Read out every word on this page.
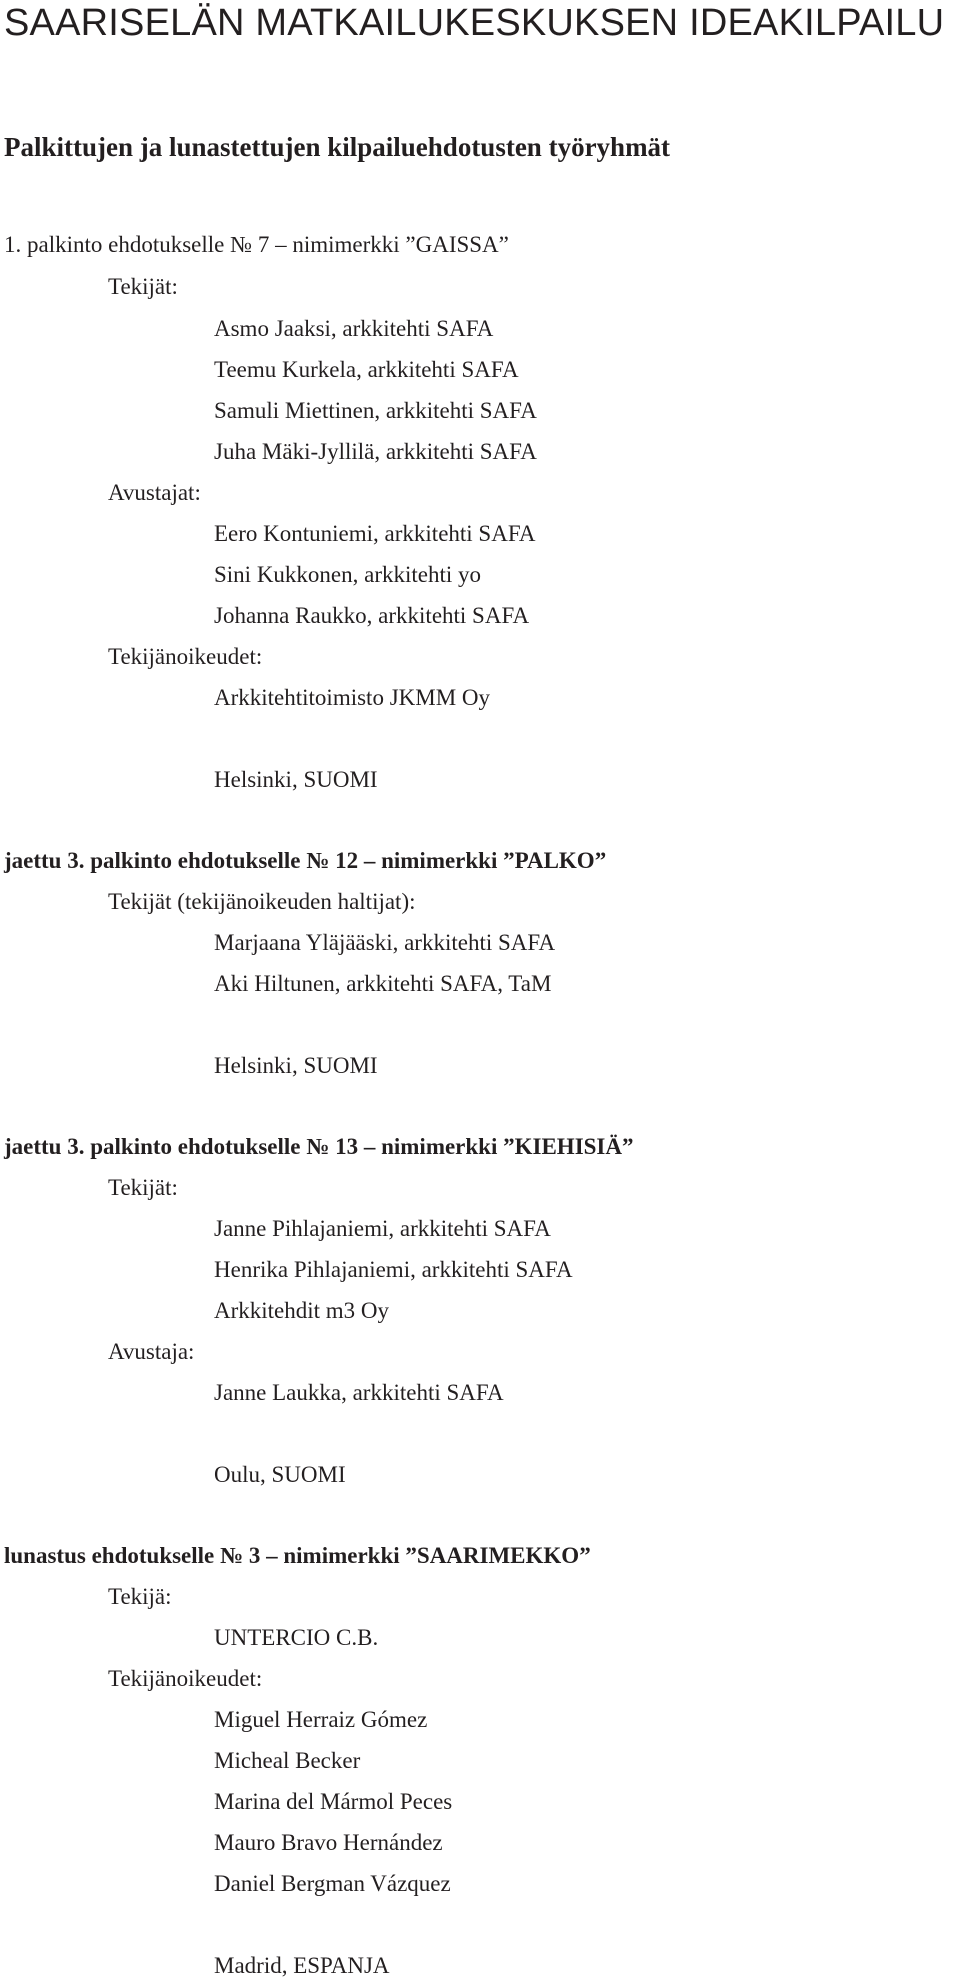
SAARISELÄN MATKAILUKESKUKSEN IDEAKILPAILU
Palkittujen ja lunastettujen kilpailuehdotusten työryhmät
1. palkinto ehdotukselle № 7 – nimimerkki ”GAISSA”
Tekijät:
Asmo Jaaksi, arkkitehti SAFA
Teemu Kurkela, arkkitehti SAFA
Samuli Miettinen, arkkitehti SAFA
Juha Mäki-Jyllilä, arkkitehti SAFA
Avustajat:
Eero Kontuniemi, arkkitehti SAFA
Sini Kukkonen, arkkitehti yo
Johanna Raukko, arkkitehti SAFA
Tekijänoikeudet:
Arkkitehtitoimisto JKMM Oy
Helsinki, SUOMI
jaettu 3. palkinto ehdotukselle № 12 – nimimerkki ”PALKO”
Tekijät (tekijänoikeuden haltijat):
Marjaana Yläjääski, arkkitehti SAFA
Aki Hiltunen, arkkitehti SAFA, TaM
Helsinki, SUOMI
jaettu 3. palkinto ehdotukselle № 13 – nimimerkki ”KIEHISIÄ”
Tekijät:
Janne Pihlajaniemi, arkkitehti SAFA
Henrika Pihlajaniemi, arkkitehti SAFA
Arkkitehdit m3 Oy
Avustaja:
Janne Laukka, arkkitehti SAFA
Oulu, SUOMI
lunastus ehdotukselle № 3 – nimimerkki ”SAARIMEKKO”
Tekijä:
UNTERCIO C.B.
Tekijänoikeudet:
Miguel Herraiz Gómez
Micheal Becker
Marina del Mármol Peces
Mauro Bravo Hernández
Daniel Bergman Vázquez
Madrid, ESPANJA
